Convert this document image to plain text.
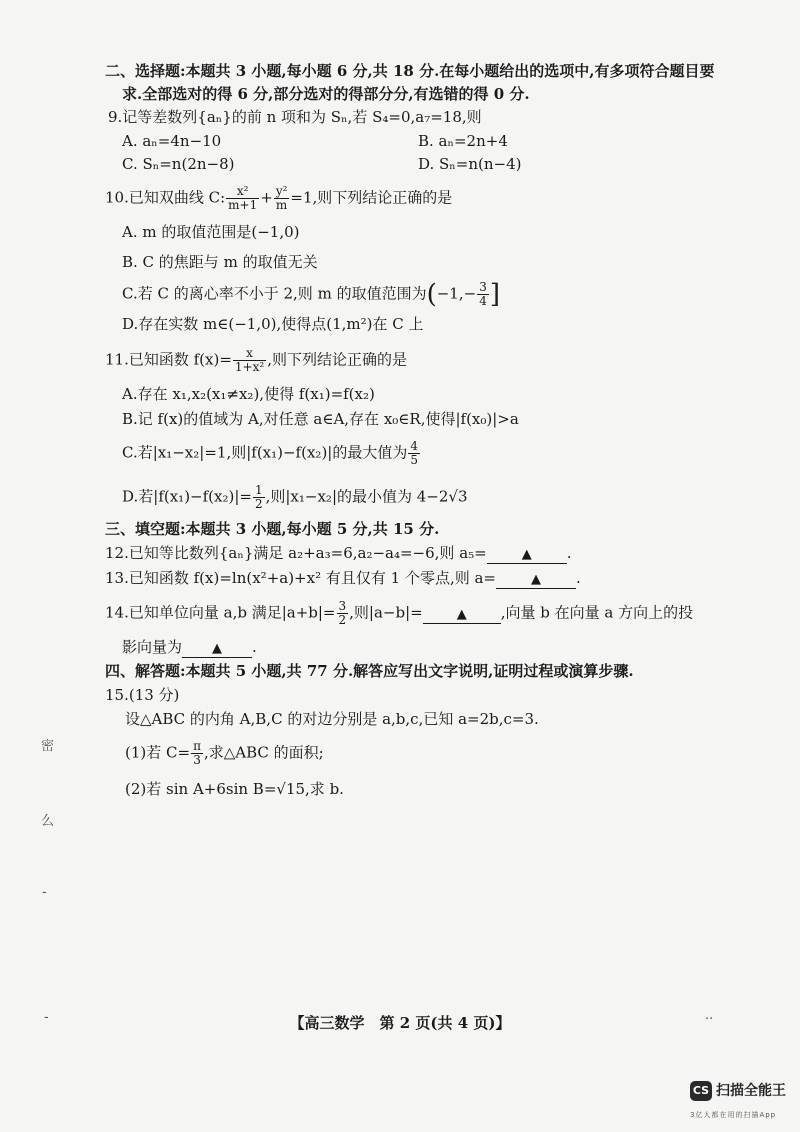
二、选择题:本题共 3 小题,每小题 6 分,共 18 分.在每小题给出的选项中,有多项符合题目要
求.全部选对的得 6 分,部分选对的得部分分,有选错的得 0 分.
9.记等差数列{aₙ}的前 n 项和为 Sₙ,若 S₄=0,a₇=18,则
A. aₙ=4n−10	B. aₙ=2n+4
C. Sₙ=n(2n−8)	D. Sₙ=n(n−4)
10.已知双曲线 C: $\frac{\text{x²}}{m+1} + \frac{\text{y²}}{m} =1$,则下列结论正确的是
A. m 的取值范围是(−1,0)
B. C 的焦距与 m 的取值无关
C.若 C 的离心率不小于 2,则 m 的取值范围为($-1,- \frac{3}{4}$ ]
D.存在实数 m∈(−1,0),使得点(1,m²)在 C 上
11.已知函数 $f(x)= \frac{x}{\text{1+x²}}$ ,则下列结论正确的是
A.存在 x₁,x₂(x₁≠x₂),使得 f(x₁)=f(x₂)
B.记 f(x)的值域为 A,对任意 a∈A,存在 x₀∈R,使得|f(x₀)|>a
C.若|x₁−x₂|=1,则|f(x₁)−f(x₂)|的最大值为 $\frac{4}{5}$
D.若$|f(x_1)-f(x_2)|= \frac{1}{2}$ ,则|x₁−x₂|的最小值为 4−2√3
三、填空题:本题共 3 小题,每小题 5 分,共 15 分.
12.已知等比数列{aₙ}满足 a₂+a₃=6,a₂−a₄=−6,则 a₅=	▲ .
13.已知函数 f(x)=ln(x²+a)+x² 有且仅有 1 个零点,则 a=	▲ .
14.已知单位向量 a,b 满足$|a+b|= \frac{3}{2}$ ,则|a−b|=	▲ ,向量 b 在向量 a 方向上的投
影向量为 ▲ .
四、解答题:本题共 5 小题,共 77 分.解答应写出文字说明,证明过程或演算步骤.
15.(13 分)
设△ABC 的内角 A,B,C 的对边分别是 a,b,c,已知 a=2b,c=3.
(1)若 $C= \frac{\pi}{3}$ ,求△ABC 的面积;
(2)若 sin A+6sin B=√15,求 b.
密
么
-
-	··
【高三数学　第 2 页(共 4 页)】
CS 扫描全能王
3亿人都在用的扫描App
